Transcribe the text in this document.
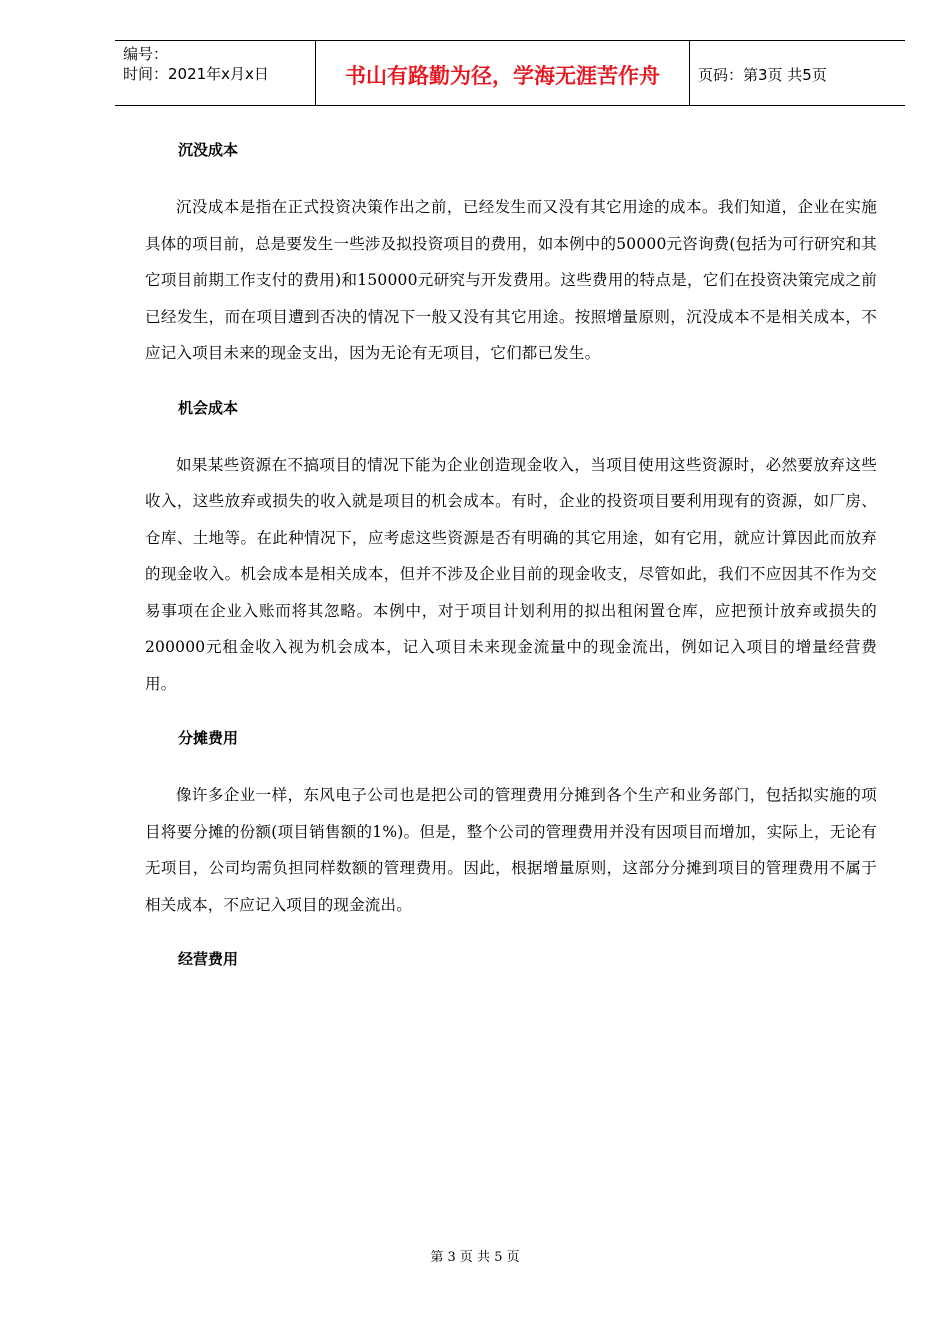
编号：
时间：2021年x月x日	书山有路勤为径，学海无涯苦作舟	页码：第3页 共5页
沉没成本

沉没成本是指在正式投资决策作出之前，已经发生而又没有其它用途的成本。我们知道，企业在实施具体的项目前，总是要发生一些涉及拟投资项目的费用，如本例中的50000元咨询费(包括为可行研究和其它项目前期工作支付的费用)和150000元研究与开发费用。这些费用的特点是，它们在投资决策完成之前已经发生，而在项目遭到否决的情况下一般又没有其它用途。按照增量原则，沉没成本不是相关成本，不应记入项目未来的现金支出，因为无论有无项目，它们都已发生。

机会成本

如果某些资源在不搞项目的情况下能为企业创造现金收入，当项目使用这些资源时，必然要放弃这些收入，这些放弃或损失的收入就是项目的机会成本。有时，企业的投资项目要利用现有的资源，如厂房、仓库、土地等。在此种情况下，应考虑这些资源是否有明确的其它用途，如有它用，就应计算因此而放弃的现金收入。机会成本是相关成本，但并不涉及企业目前的现金收支，尽管如此，我们不应因其不作为交易事项在企业入账而将其忽略。本例中，对于项目计划利用的拟出租闲置仓库，应把预计放弃或损失的200000元租金收入视为机会成本，记入项目未来现金流量中的现金流出，例如记入项目的增量经营费用。

分摊费用

像许多企业一样，东风电子公司也是把公司的管理费用分摊到各个生产和业务部门，包括拟实施的项目将要分摊的份额(项目销售额的1%)。但是，整个公司的管理费用并没有因项目而增加，实际上，无论有无项目，公司均需负担同样数额的管理费用。因此，根据增量原则，这部分分摊到项目的管理费用不属于相关成本，不应记入项目的现金流出。

经营费用
第 3 页 共 5 页
